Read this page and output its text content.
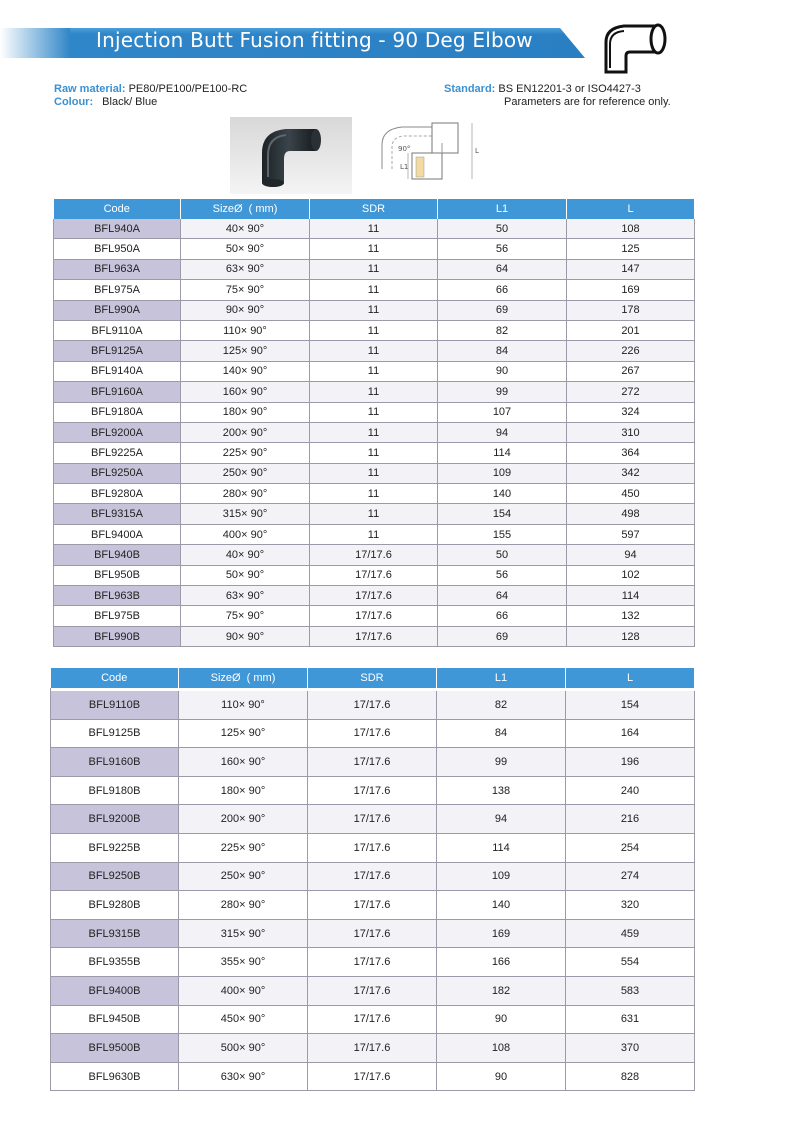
Injection Butt Fusion fitting - 90 Deg Elbow
Raw material: PE80/PE100/PE100-RC
Colour: Black/ Blue
Standard: BS EN12201-3 or ISO4427-3
Parameters are for reference only.
90°	L
L1
Code	SizeØ  ( mm)	SDR	L1	L
BFL940A	40× 90°	11	50	108
BFL950A	50× 90°	11	56	125
BFL963A	63× 90°	11	64	147
BFL975A	75× 90°	11	66	169
BFL990A	90× 90°	11	69	178
BFL9110A	110× 90°	11	82	201
BFL9125A	125× 90°	11	84	226
BFL9140A	140× 90°	11	90	267
BFL9160A	160× 90°	11	99	272
BFL9180A	180× 90°	11	107	324
BFL9200A	200× 90°	11	94	310
BFL9225A	225× 90°	11	114	364
BFL9250A	250× 90°	11	109	342
BFL9280A	280× 90°	11	140	450
BFL9315A	315× 90°	11	154	498
BFL9400A	400× 90°	11	155	597
BFL940B	40× 90°	17/17.6	50	94
BFL950B	50× 90°	17/17.6	56	102
BFL963B	63× 90°	17/17.6	64	114
BFL975B	75× 90°	17/17.6	66	132
BFL990B	90× 90°	17/17.6	69	128
Code	SizeØ  ( mm)	SDR	L1	L

BFL9110B	110× 90°	17/17.6	82	154
BFL9125B	125× 90°	17/17.6	84	164
BFL9160B	160× 90°	17/17.6	99	196
BFL9180B	180× 90°	17/17.6	138	240
BFL9200B	200× 90°	17/17.6	94	216
BFL9225B	225× 90°	17/17.6	114	254
BFL9250B	250× 90°	17/17.6	109	274
BFL9280B	280× 90°	17/17.6	140	320
BFL9315B	315× 90°	17/17.6	169	459
BFL9355B	355× 90°	17/17.6	166	554
BFL9400B	400× 90°	17/17.6	182	583
BFL9450B	450× 90°	17/17.6	90	631
BFL9500B	500× 90°	17/17.6	108	370
BFL9630B	630× 90°	17/17.6	90	828
